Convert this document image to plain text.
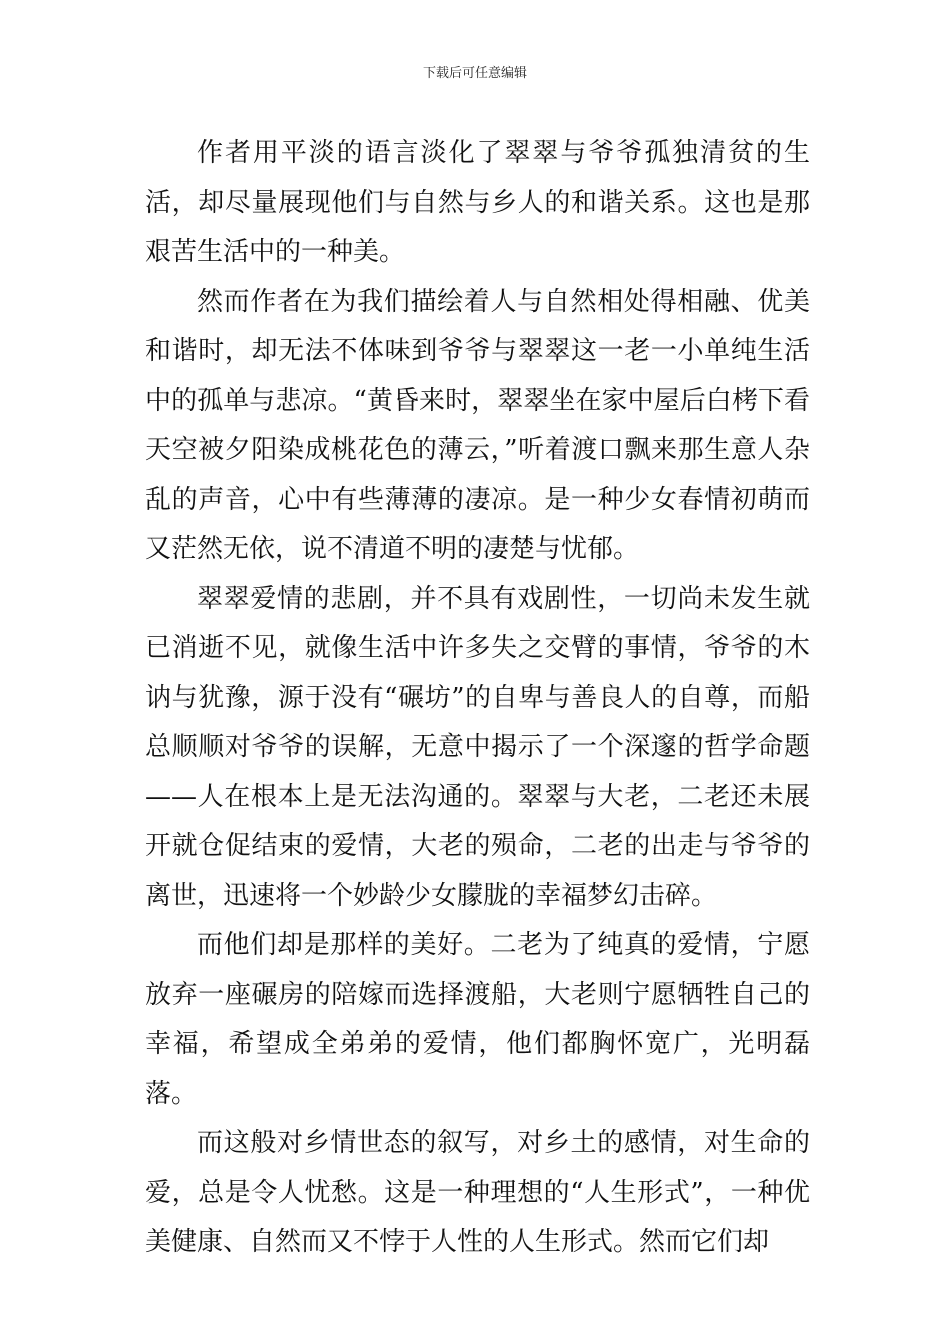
下载后可任意编辑

作者用平淡的语言淡化了翠翠与爷爷孤独清贫的生活，却尽量展现他们与自然与乡人的和谐关系。这也是那艰苦生活中的一种美。

然而作者在为我们描绘着人与自然相处得相融、优美和谐时，却无法不体味到爷爷与翠翠这一老一小单纯生活中的孤单与悲凉。“黄昏来时，翠翠坐在家中屋后白栲下看天空被夕阳染成桃花色的薄云，”听着渡口飘来那生意人杂乱的声音，心中有些薄薄的凄凉。是一种少女春情初萌而又茫然无依，说不清道不明的凄楚与忧郁。

翠翠爱情的悲剧，并不具有戏剧性，一切尚未发生就已消逝不见，就像生活中许多失之交臂的事情，爷爷的木讷与犹豫，源于没有“碾坊”的自卑与善良人的自尊，而船总顺顺对爷爷的误解，无意中揭示了一个深邃的哲学命题——人在根本上是无法沟通的。翠翠与大老，二老还未展开就仓促结束的爱情，大老的殒命，二老的出走与爷爷的离世，迅速将一个妙龄少女朦胧的幸福梦幻击碎。

而他们却是那样的美好。二老为了纯真的爱情，宁愿放弃一座碾房的陪嫁而选择渡船，大老则宁愿牺牲自己的幸福，希望成全弟弟的爱情，他们都胸怀宽广，光明磊落。

而这般对乡情世态的叙写，对乡土的感情，对生命的爱，总是令人忧愁。这是一种理想的“人生形式”，一种优美健康、自然而又不悖于人性的人生形式。然而它们却
